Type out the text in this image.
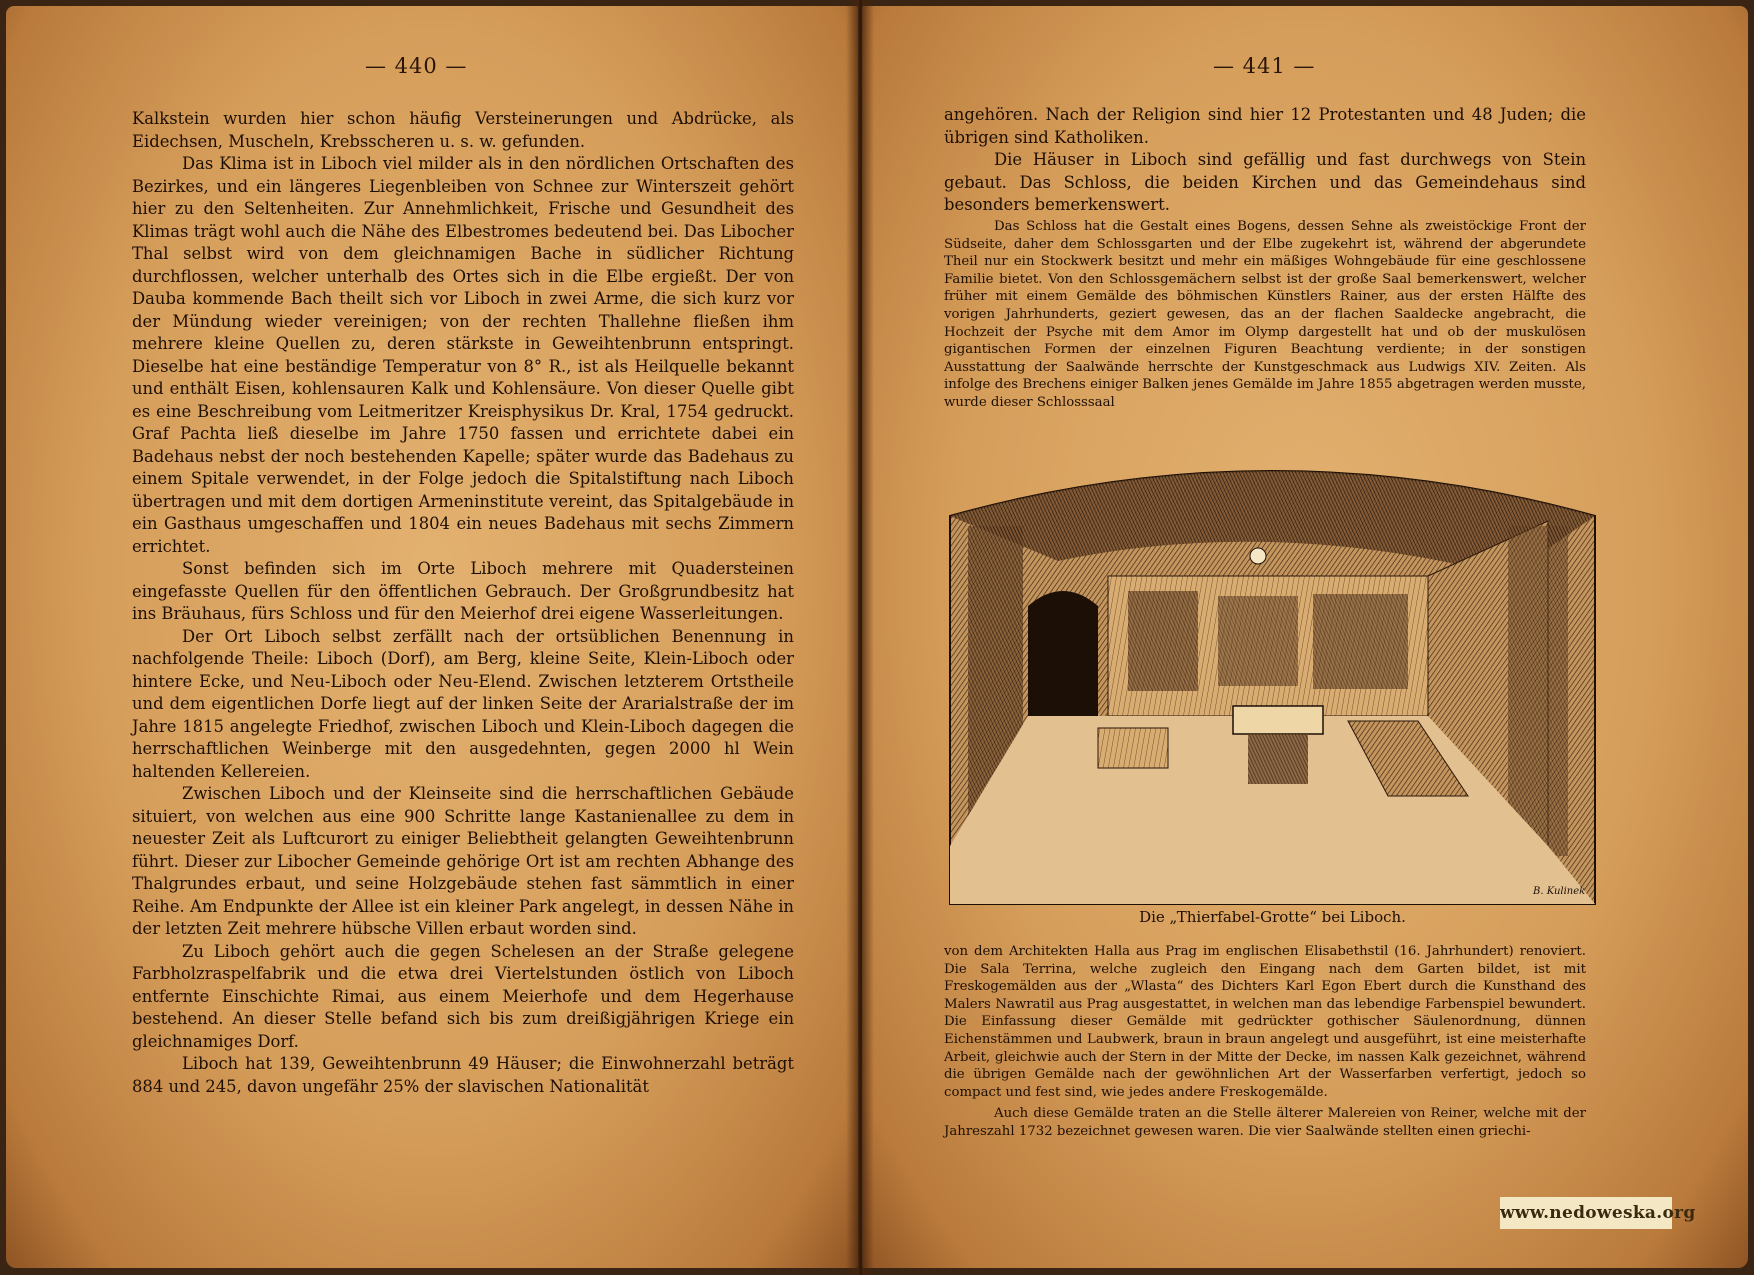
— 440 —

Kalkstein wurden hier schon häufig Versteinerungen und Abdrücke, als Eidechsen, Muscheln, Krebsscheren u. s. w. gefunden.

Das Klima ist in Liboch viel milder als in den nördlichen Ortschaften des Bezirkes, und ein längeres Liegenbleiben von Schnee zur Winterszeit gehört hier zu den Seltenheiten. Zur Annehmlichkeit, Frische und Gesundheit des Klimas trägt wohl auch die Nähe des Elbestromes bedeutend bei. Das Libocher Thal selbst wird von dem gleichnamigen Bache in südlicher Richtung durchflossen, welcher unterhalb des Ortes sich in die Elbe ergießt. Der von Dauba kommende Bach theilt sich vor Liboch in zwei Arme, die sich kurz vor der Mündung wieder vereinigen; von der rechten Thallehne fließen ihm mehrere kleine Quellen zu, deren stärkste in Geweihtenbrunn entspringt. Dieselbe hat eine beständige Temperatur von 8° R., ist als Heilquelle bekannt und enthält Eisen, kohlensauren Kalk und Kohlensäure. Von dieser Quelle gibt es eine Beschreibung vom Leitmeritzer Kreisphysikus Dr. Kral, 1754 gedruckt. Graf Pachta ließ dieselbe im Jahre 1750 fassen und errichtete dabei ein Badehaus nebst der noch bestehenden Kapelle; später wurde das Badehaus zu einem Spitale verwendet, in der Folge jedoch die Spitalstiftung nach Liboch übertragen und mit dem dortigen Armeninstitute vereint, das Spitalgebäude in ein Gasthaus umgeschaffen und 1804 ein neues Badehaus mit sechs Zimmern errichtet.

Sonst befinden sich im Orte Liboch mehrere mit Quadersteinen eingefasste Quellen für den öffentlichen Gebrauch. Der Großgrundbesitz hat ins Bräuhaus, fürs Schloss und für den Meierhof drei eigene Wasserleitungen.

Der Ort Liboch selbst zerfällt nach der ortsüblichen Benennung in nachfolgende Theile: Liboch (Dorf), am Berg, kleine Seite, Klein-Liboch oder hintere Ecke, und Neu-Liboch oder Neu-Elend. Zwischen letzterem Ortstheile und dem eigentlichen Dorfe liegt auf der linken Seite der Ararialstraße der im Jahre 1815 angelegte Friedhof, zwischen Liboch und Klein-Liboch dagegen die herrschaftlichen Weinberge mit den ausgedehnten, gegen 2000 hl Wein haltenden Kellereien.

Zwischen Liboch und der Kleinseite sind die herrschaftlichen Gebäude situiert, von welchen aus eine 900 Schritte lange Kastanienallee zu dem in neuester Zeit als Luftcurort zu einiger Beliebtheit gelangten Geweihtenbrunn führt. Dieser zur Libocher Gemeinde gehörige Ort ist am rechten Abhange des Thalgrundes erbaut, und seine Holzgebäude stehen fast sämmtlich in einer Reihe. Am Endpunkte der Allee ist ein kleiner Park angelegt, in dessen Nähe in der letzten Zeit mehrere hübsche Villen erbaut worden sind.

Zu Liboch gehört auch die gegen Schelesen an der Straße gelegene Farbholzraspelfabrik und die etwa drei Viertelstunden östlich von Liboch entfernte Einschichte Rimai, aus einem Meierhofe und dem Hegerhause bestehend. An dieser Stelle befand sich bis zum dreißigjährigen Kriege ein gleichnamiges Dorf.

Liboch hat 139, Geweihtenbrunn 49 Häuser; die Einwohnerzahl beträgt 884 und 245, davon ungefähr 25% der slavischen Nationalität

— 441 —

angehören. Nach der Religion sind hier 12 Protestanten und 48 Juden; die übrigen sind Katholiken.

Die Häuser in Liboch sind gefällig und fast durchwegs von Stein gebaut. Das Schloss, die beiden Kirchen und das Gemeindehaus sind besonders bemerkenswert.

Das Schloss hat die Gestalt eines Bogens, dessen Sehne als zweistöckige Front der Südseite, daher dem Schlossgarten und der Elbe zugekehrt ist, während der abgerundete Theil nur ein Stockwerk besitzt und mehr ein mäßiges Wohngebäude für eine geschlossene Familie bietet. Von den Schlossgemächern selbst ist der große Saal bemerkenswert, welcher früher mit einem Gemälde des böhmischen Künstlers Rainer, aus der ersten Hälfte des vorigen Jahrhunderts, geziert gewesen, das an der flachen Saaldecke angebracht, die Hochzeit der Psyche mit dem Amor im Olymp dargestellt hat und ob der muskulösen gigantischen Formen der einzelnen Figuren Beachtung verdiente; in der sonstigen Ausstattung der Saalwände herrschte der Kunstgeschmack aus Ludwigs XIV. Zeiten. Als infolge des Brechens einiger Balken jenes Gemälde im Jahre 1855 abgetragen werden musste, wurde dieser Schlosssaal

B. Kulinek
Die „Thierfabel-Grotte“ bei Liboch.

von dem Architekten Halla aus Prag im englischen Elisabethstil (16. Jahrhundert) renoviert. Die Sala Terrina, welche zugleich den Eingang nach dem Garten bildet, ist mit Freskogemälden aus der „Wlasta“ des Dichters Karl Egon Ebert durch die Kunsthand des Malers Nawratil aus Prag ausgestattet, in welchen man das lebendige Farbenspiel bewundert. Die Einfassung dieser Gemälde mit gedrückter gothischer Säulenordnung, dünnen Eichenstämmen und Laubwerk, braun in braun angelegt und ausgeführt, ist eine meisterhafte Arbeit, gleichwie auch der Stern in der Mitte der Decke, im nassen Kalk gezeichnet, während die übrigen Gemälde nach der gewöhnlichen Art der Wasserfarben verfertigt, jedoch so compact und fest sind, wie jedes andere Freskogemälde.

Auch diese Gemälde traten an die Stelle älterer Malereien von Reiner, welche mit der Jahreszahl 1732 bezeichnet gewesen waren. Die vier Saalwände stellten einen griechi-

www.nedoweska.org
